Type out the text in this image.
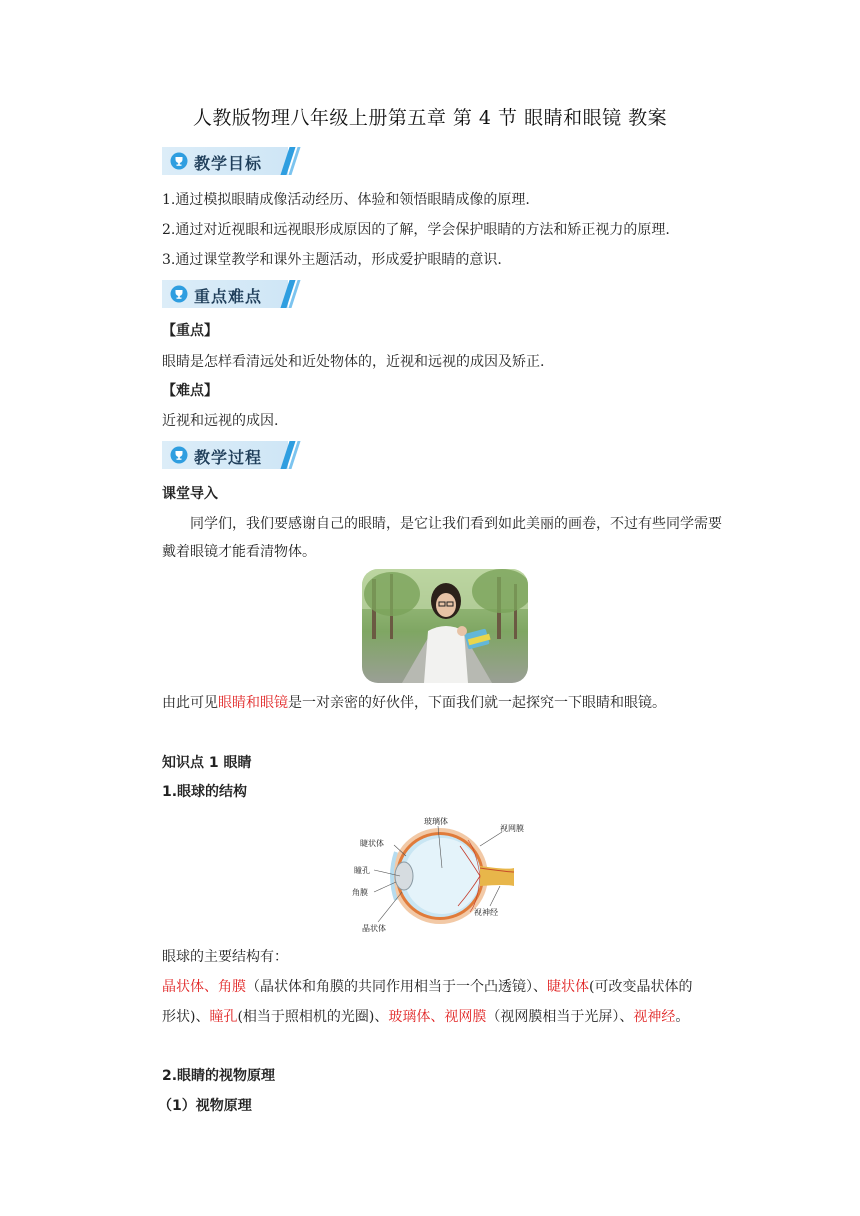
人教版物理八年级上册第五章 第 4 节 眼睛和眼镜 教案
教学目标
1.通过模拟眼睛成像活动经历、体验和领悟眼睛成像的原理.
2.通过对近视眼和远视眼形成原因的了解，学会保护眼睛的方法和矫正视力的原理.
3.通过课堂教学和课外主题活动，形成爱护眼睛的意识.
重点难点
【重点】
眼睛是怎样看清远处和近处物体的，近视和远视的成因及矫正.
【难点】
近视和远视的成因.
教学过程
课堂导入
同学们，我们要感谢自己的眼睛，是它让我们看到如此美丽的画卷，不过有些同学需要
戴着眼镜才能看清物体。
由此可见眼睛和眼镜是一对亲密的好伙伴，下面我们就一起探究一下眼睛和眼镜。
知识点 1 眼睛
1.眼球的结构
玻璃体
视网膜
睫状体
瞳孔
角膜
晶状体
视神经
眼球的主要结构有：
晶状体、角膜（晶状体和角膜的共同作用相当于一个凸透镜）、睫状体(可改变晶状体的
形状)、瞳孔(相当于照相机的光圈)、玻璃体、视网膜（视网膜相当于光屏）、视神经。
2.眼睛的视物原理
（1）视物原理
